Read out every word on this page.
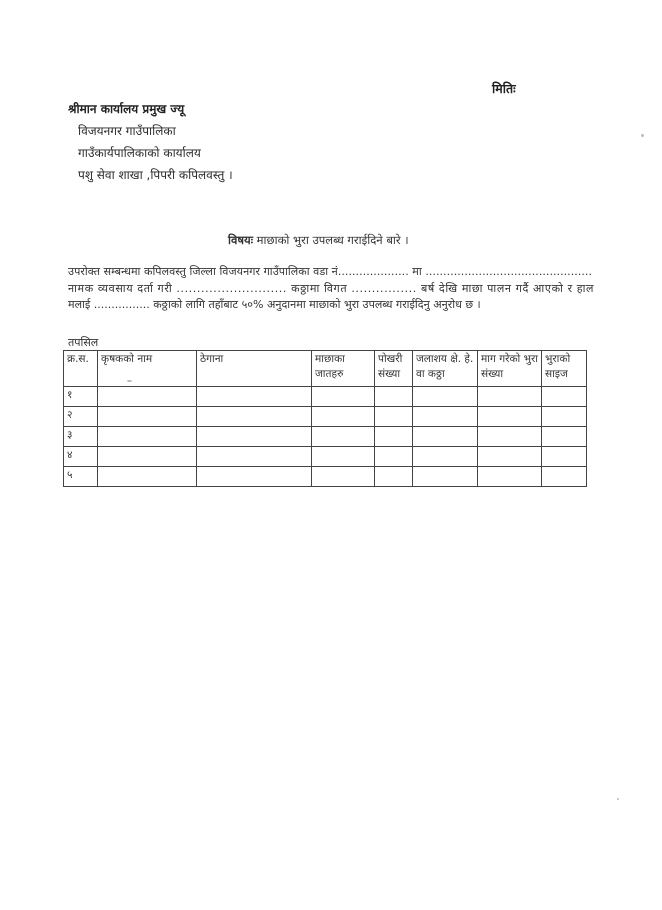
मितिः
श्रीमान कार्यालय प्रमुख ज्यू
विजयनगर गाउँपालिका
गाउँकार्यपालिकाको कार्यालय
पशु सेवा शाखा ,पिपरी कपिलवस्तु ।
विषयः माछाको भुरा उपलब्ध गराईदिने बारे ।
उपरोक्त सम्बन्धमा कपिलवस्तु जिल्ला विजयनगर गाउँपालिका वडा नं.................... मा ...............................................
नामक व्यवसाय दर्ता गरी ........................... कठ्ठामा विगत ................ बर्ष देखि माछा पालन गर्दै आएको र हाल
मलाई ................ कठ्ठाको लागि तहाँबाट ५०% अनुदानमा माछाको भुरा उपलब्ध गराईदिनु अनुरोध छ ।
तपसिल
क्र.स.	कृषकको नाम	ठेगाना	माछाका जातहरु	पोखरी संख्या	जलाशय क्षे. हे. वा कठ्ठा	माग गरेको भुरा संख्या	भुराको साइज
१							
२							
३							
४							
५							
